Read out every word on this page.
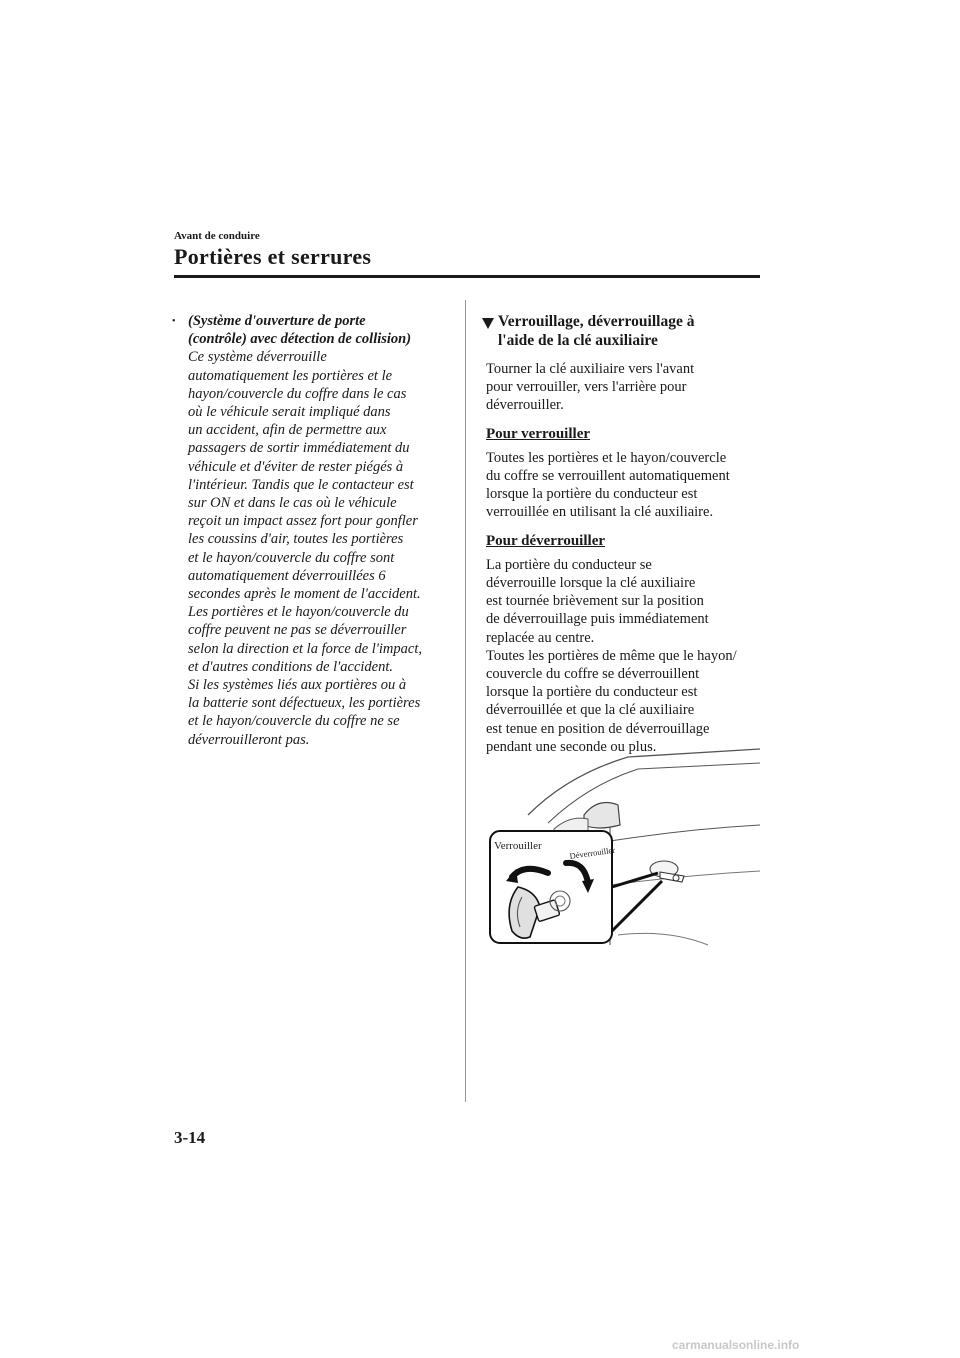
Avant de conduire
Portières et serrures
• (Système d'ouverture de porte
(contrôle) avec détection de collision)
Ce système déverrouille
automatiquement les portières et le
hayon/couvercle du coffre dans le cas
où le véhicule serait impliqué dans
un accident, afin de permettre aux
passagers de sortir immédiatement du
véhicule et d'éviter de rester piégés à
l'intérieur. Tandis que le contacteur est
sur ON et dans le cas où le véhicule
reçoit un impact assez fort pour gonfler
les coussins d'air, toutes les portières
et le hayon/couvercle du coffre sont
automatiquement déverrouillées 6
secondes après le moment de l'accident.
Les portières et le hayon/couvercle du
coffre peuvent ne pas se déverrouiller
selon la direction et la force de l'impact,
et d'autres conditions de l'accident.
Si les systèmes liés aux portières ou à
la batterie sont défectueux, les portières
et le hayon/couvercle du coffre ne se
déverrouilleront pas.
Verrouillage, déverrouillage à
l'aide de la clé auxiliaire

Tourner la clé auxiliaire vers l'avant
pour verrouiller, vers l'arrière pour
déverrouiller.

Pour verrouiller

Toutes les portières et le hayon/couvercle
du coffre se verrouillent automatiquement
lorsque la portière du conducteur est
verrouillée en utilisant la clé auxiliaire.

Pour déverrouiller

La portière du conducteur se
déverrouille lorsque la clé auxiliaire
est tournée brièvement sur la position
de déverrouillage puis immédiatement
replacée au centre.
Toutes les portières de même que le hayon/
couvercle du coffre se déverrouillent
lorsque la portière du conducteur est
déverrouillée et que la clé auxiliaire
est tenue en position de déverrouillage
pendant une seconde ou plus.

Verrouiller	Déverrouiller
3-14
carmanualsonline.info
